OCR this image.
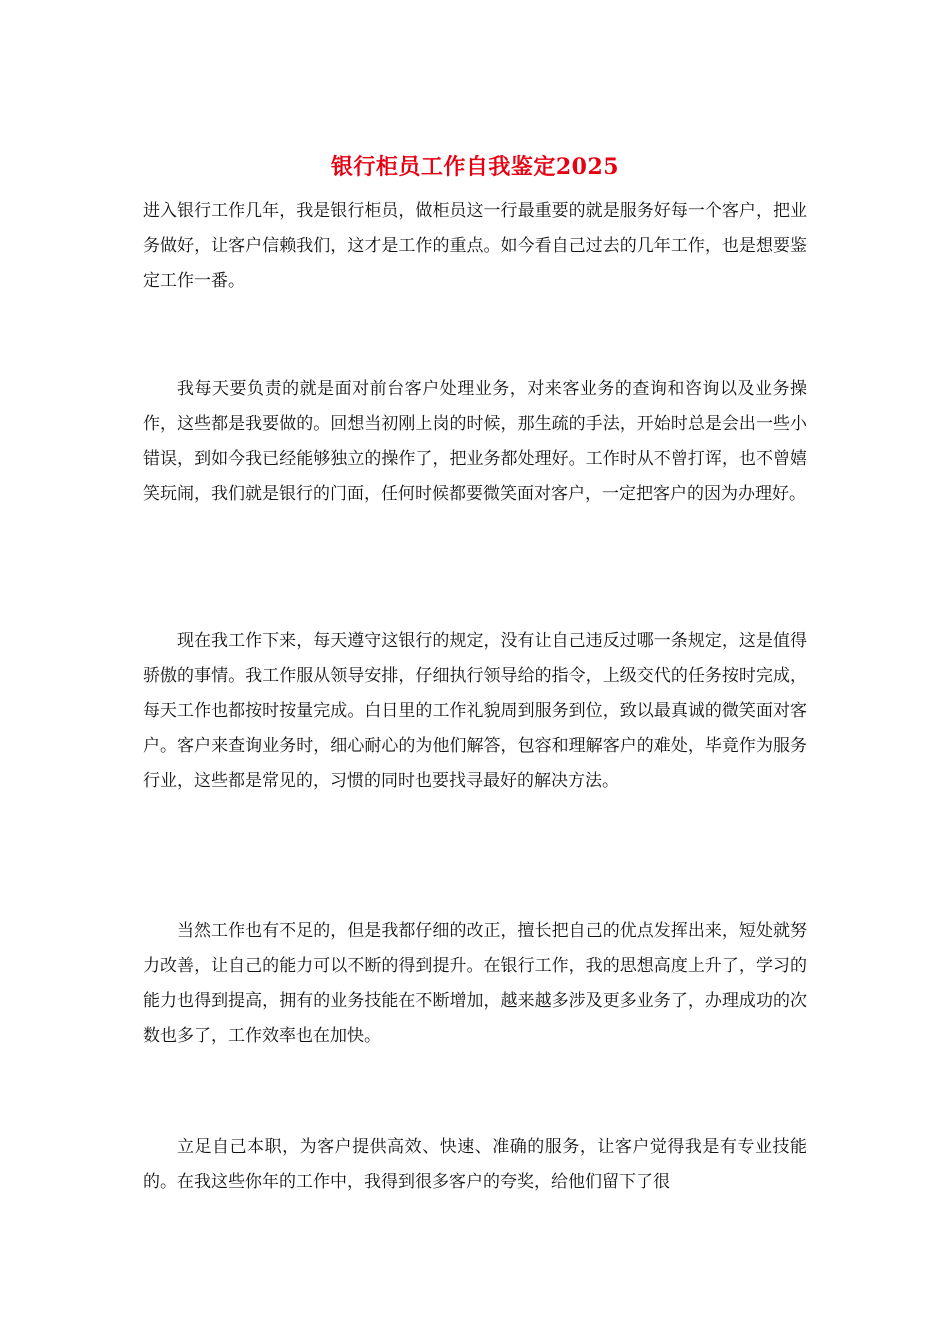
银行柜员工作自我鉴定2025

进入银行工作几年，我是银行柜员，做柜员这一行最重要的就是服务好每一个客户，把业务做好，让客户信赖我们，这才是工作的重点。如今看自己过去的几年工作，也是想要鉴定工作一番。

我每天要负责的就是面对前台客户处理业务，对来客业务的查询和咨询以及业务操作，这些都是我要做的。回想当初刚上岗的时候，那生疏的手法，开始时总是会出一些小错误，到如今我已经能够独立的操作了，把业务都处理好。工作时从不曾打诨，也不曾嬉笑玩闹，我们就是银行的门面，任何时候都要微笑面对客户，一定把客户的因为办理好。

现在我工作下来，每天遵守这银行的规定，没有让自己违反过哪一条规定，这是值得骄傲的事情。我工作服从领导安排，仔细执行领导给的指令，上级交代的任务按时完成，每天工作也都按时按量完成。白日里的工作礼貌周到服务到位，致以最真诚的微笑面对客户。客户来查询业务时，细心耐心的为他们解答，包容和理解客户的难处，毕竟作为服务行业，这些都是常见的，习惯的同时也要找寻最好的解决方法。

当然工作也有不足的，但是我都仔细的改正，擅长把自己的优点发挥出来，短处就努力改善，让自己的能力可以不断的得到提升。在银行工作，我的思想高度上升了，学习的能力也得到提高，拥有的业务技能在不断增加，越来越多涉及更多业务了，办理成功的次数也多了，工作效率也在加快。

立足自己本职，为客户提供高效、快速、准确的服务，让客户觉得我是有专业技能的。在我这些你年的工作中，我得到很多客户的夸奖，给他们留下了很
